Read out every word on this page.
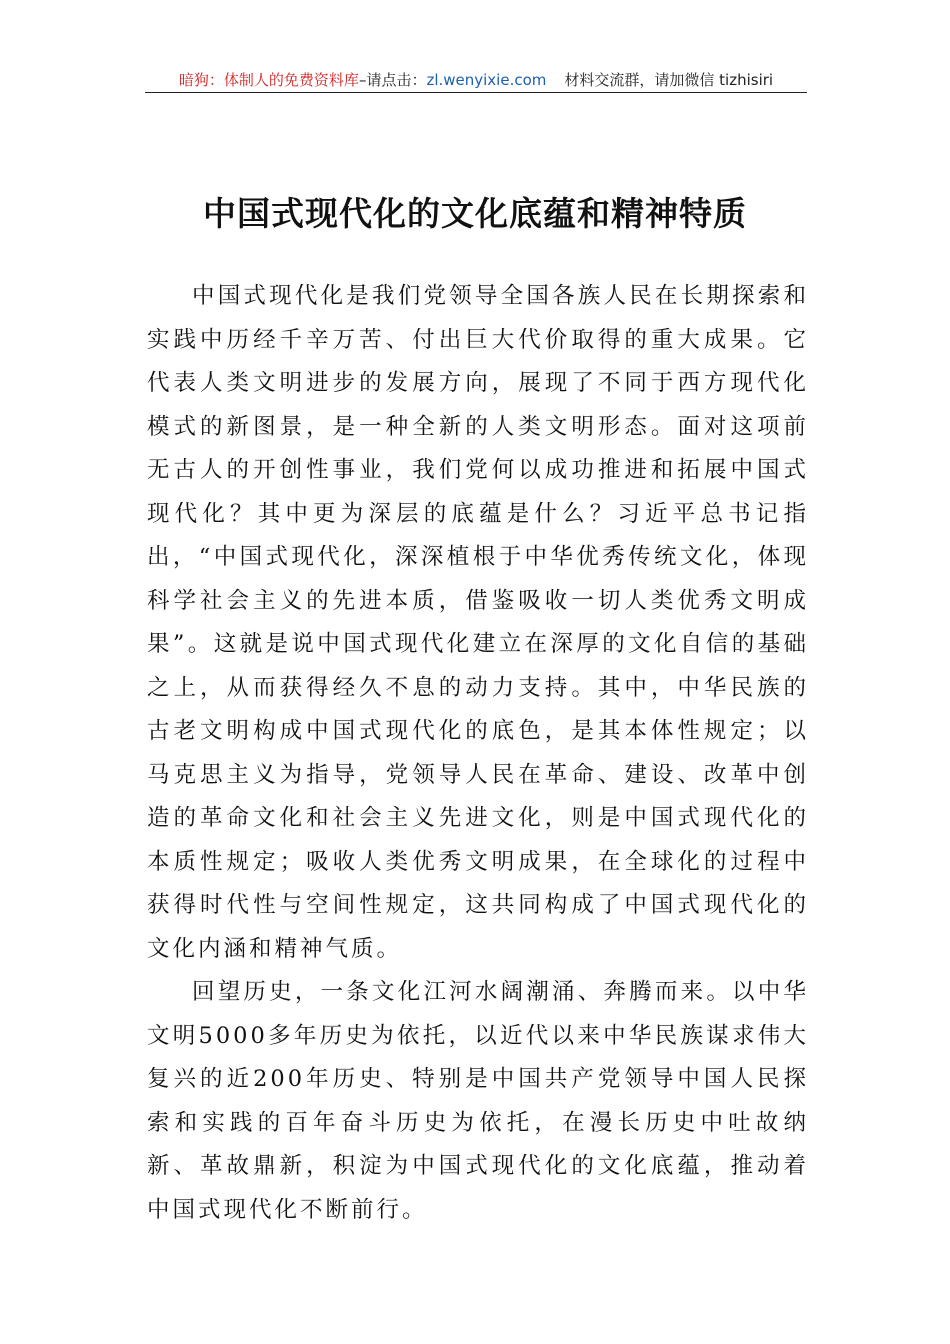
暗狗：体制人的免费资料库–请点击：zl.wenyixie.com 材料交流群，请加微信 tizhisiri
中国式现代化的文化底蕴和精神特质

中国式现代化是我们党领导全国各族人民在长期探索和实践中历经千辛万苦、付出巨大代价取得的重大成果。它代表人类文明进步的发展方向，展现了不同于西方现代化模式的新图景，是一种全新的人类文明形态。面对这项前无古人的开创性事业，我们党何以成功推进和拓展中国式现代化？其中更为深层的底蕴是什么？习近平总书记指出，“中国式现代化，深深植根于中华优秀传统文化，体现科学社会主义的先进本质，借鉴吸收一切人类优秀文明成果”。这就是说中国式现代化建立在深厚的文化自信的基础之上，从而获得经久不息的动力支持。其中，中华民族的古老文明构成中国式现代化的底色，是其本体性规定；以马克思主义为指导，党领导人民在革命、建设、改革中创造的革命文化和社会主义先进文化，则是中国式现代化的本质性规定；吸收人类优秀文明成果，在全球化的过程中获得时代性与空间性规定，这共同构成了中国式现代化的文化内涵和精神气质。

回望历史，一条文化江河水阔潮涌、奔腾而来。以中华文明5000多年历史为依托，以近代以来中华民族谋求伟大复兴的近200年历史、特别是中国共产党领导中国人民探索和实践的百年奋斗历史为依托，在漫长历史中吐故纳新、革故鼎新，积淀为中国式现代化的文化底蕴，推动着中国式现代化不断前行。
